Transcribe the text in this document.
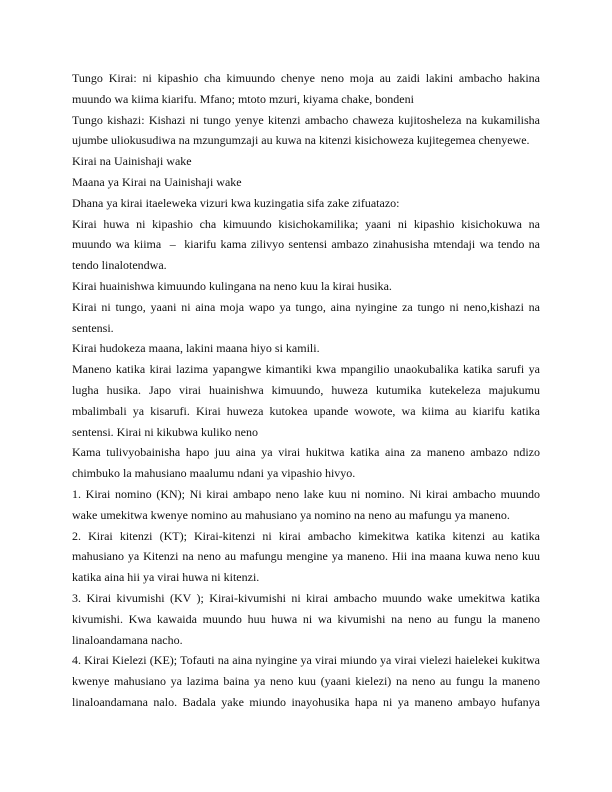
Tungo Kirai: ni kipashio cha kimuundo chenye neno moja au zaidi lakini ambacho hakina muundo wa kiima kiarifu. Mfano; mtoto mzuri, kiyama chake, bondeni

Tungo kishazi: Kishazi ni tungo yenye kitenzi ambacho chaweza kujitosheleza na kukamilisha ujumbe uliokusudiwa na mzungumzaji au kuwa na kitenzi kisichoweza kujitegemea chenyewe.

Kirai na Uainishaji wake

Maana ya Kirai na Uainishaji wake

Dhana ya kirai itaeleweka vizuri kwa kuzingatia sifa zake zifuatazo:

Kirai huwa ni kipashio cha kimuundo kisichokamilika; yaani ni kipashio kisichokuwa na muundo wa kiima  –  kiarifu kama zilivyo sentensi ambazo zinahusisha mtendaji wa tendo na tendo linalotendwa.

Kirai huainishwa kimuundo kulingana na neno kuu la kirai husika.

Kirai ni tungo, yaani ni aina moja wapo ya tungo, aina nyingine za tungo ni neno,kishazi na sentensi.

Kirai hudokeza maana, lakini maana hiyo si kamili.

Maneno katika kirai lazima yapangwe kimantiki kwa mpangilio unaokubalika katika sarufi ya lugha husika. Japo virai huainishwa kimuundo, huweza kutumika kutekeleza majukumu mbalimbali ya kisarufi. Kirai huweza kutokea upande wowote, wa kiima au kiarifu katika sentensi. Kirai ni kikubwa kuliko neno

Kama tulivyobainisha hapo juu aina ya virai hukitwa katika aina za maneno ambazo ndizo chimbuko la mahusiano maalumu ndani ya vipashio hivyo.

1. Kirai nomino (KN); Ni kirai ambapo neno lake kuu ni nomino. Ni kirai ambacho muundo wake umekitwa kwenye nomino au mahusiano ya nomino na neno au mafungu ya maneno.

2. Kirai kitenzi (KT); Kirai-kitenzi ni kirai ambacho kimekitwa katika kitenzi au katika mahusiano ya Kitenzi na neno au mafungu mengine ya maneno. Hii ina maana kuwa neno kuu katika aina hii ya virai huwa ni kitenzi.

3. Kirai kivumishi (KV ); Kirai-kivumishi ni kirai ambacho muundo wake umekitwa katika kivumishi. Kwa kawaida muundo huu huwa ni wa kivumishi na neno au fungu la maneno linaloandamana nacho.

4. Kirai Kielezi (KE); Tofauti na aina nyingine ya virai miundo ya virai vielezi haielekei kukitwa kwenye mahusiano ya lazima baina ya neno kuu (yaani kielezi) na neno au fungu la maneno linaloandamana nalo. Badala yake miundo inayohusika hapa ni ya maneno ambayo hufanya
